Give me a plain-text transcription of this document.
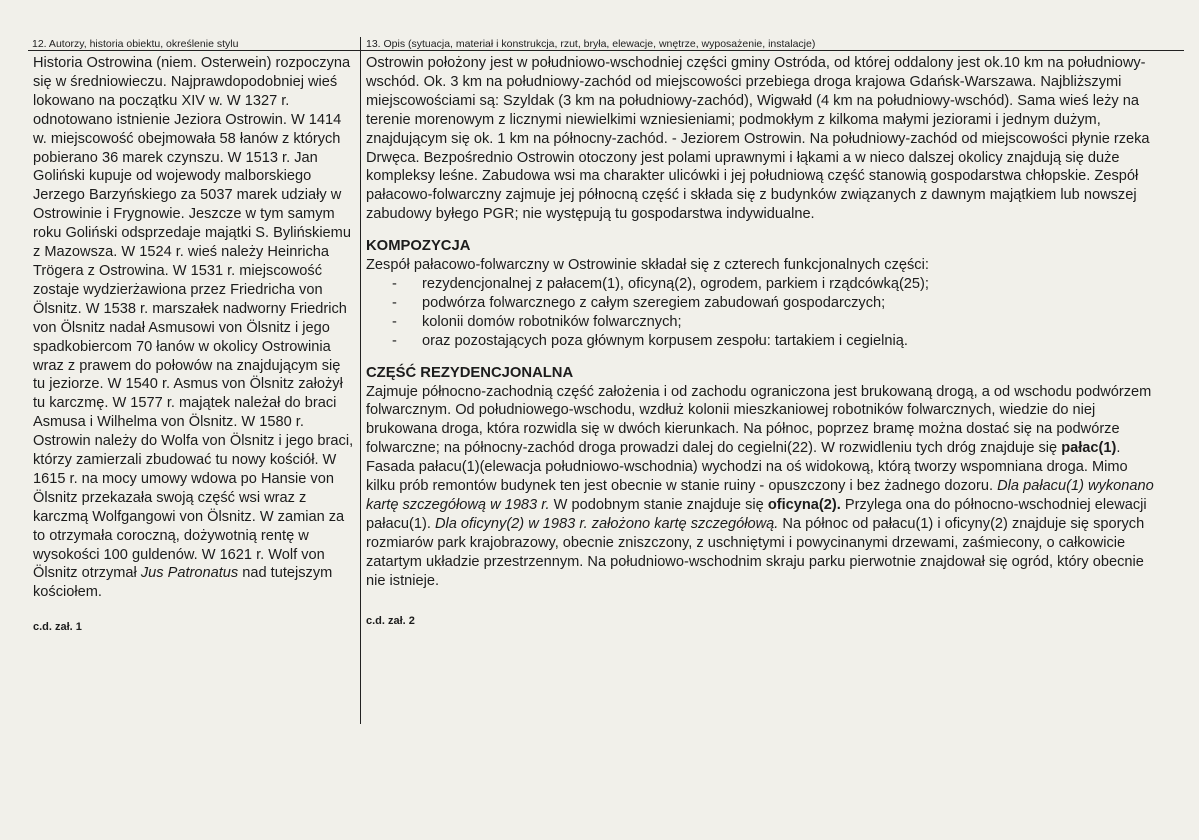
12. Autorzy, historia obiektu, określenie stylu	13. Opis (sytuacja, materiał i konstrukcja, rzut, bryła, elewacje, wnętrze, wyposażenie, instalacje)

Historia Ostrowina (niem. Osterwein) rozpoczyna się w średniowieczu. Najprawdopodobniej wieś lokowano na początku XIV w. W 1327 r. odnotowano istnienie Jeziora Ostrowin. W 1414 w. miejscowość obejmowała 58 łanów z których pobierano 36 marek czynszu. W 1513 r. Jan Goliński kupuje od wojewody malborskiego Jerzego Barzyńskiego za 5037 marek udziały w Ostrowinie i Frygnowie. Jeszcze w tym samym roku Goliński odsprzedaje majątki S. Bylińskiemu z Mazowsza. W 1524 r. wieś należy Heinricha Trögera z Ostrowina. W 1531 r. miejscowość zostaje wydzierżawiona przez Friedricha von Ölsnitz. W 1538 r. marszałek nadworny Friedrich von Ölsnitz nadał Asmusowi von Ölsnitz i jego spadkobiercom 70 łanów w okolicy Ostrowinia wraz z prawem do połowów na znajdującym się tu jeziorze. W 1540 r. Asmus von Ölsnitz założył tu karczmę. W 1577 r. majątek należał do braci Asmusa i Wilhelma von Ölsnitz. W 1580 r. Ostrowin należy do Wolfa von Ölsnitz i jego braci, którzy zamierzali zbudować tu nowy kościół. W 1615 r. na mocy umowy wdowa po Hansie von Ölsnitz przekazała swoją część wsi wraz z karczmą Wolfgangowi von Ölsnitz. W zamian za to otrzymała coroczną, dożywotnią rentę w wysokości 100 guldenów. W 1621 r. Wolf von Ölsnitz otrzymał Jus Patronatus nad tutejszym kościołem.

c.d. zał. 1

Ostrowin położony jest w południowo-wschodniej części gminy Ostróda, od której oddalony jest ok.10 km na południowy-wschód. Ok. 3 km na południowy-zachód od miejscowości przebiega droga krajowa Gdańsk-Warszawa. Najbliższymi miejscowościami są: Szyldak (3 km na południowy-zachód), Wigwałd (4 km na południowy-wschód). Sama wieś leży na terenie morenowym z licznymi niewielkimi wzniesieniami; podmokłym z kilkoma małymi jeziorami i jednym dużym, znajdującym się ok. 1 km na północny-zachód. - Jeziorem Ostrowin. Na południowy-zachód od miejscowości płynie rzeka Drwęca. Bezpośrednio Ostrowin otoczony jest polami uprawnymi i łąkami a w nieco dalszej okolicy znajdują się duże kompleksy leśne. Zabudowa wsi ma charakter ulicówki i jej południową część stanowią gospodarstwa chłopskie. Zespół pałacowo-folwarczny zajmuje jej północną część i składa się z budynków związanych z dawnym majątkiem lub nowszej zabudowy byłego PGR; nie występują tu gospodarstwa indywidualne.

KOMPOZYCJA

Zespół pałacowo-folwarczny w Ostrowinie składał się z czterech funkcjonalnych części:

- rezydencjonalnej z pałacem(1), oficyną(2), ogrodem, parkiem i rządcówką(25);
- podwórza folwarcznego z całym szeregiem zabudowań gospodarczych;
- kolonii domów robotników folwarcznych;
- oraz pozostających poza głównym korpusem zespołu: tartakiem i cegielnią.

CZĘŚĆ REZYDENCJONALNA

Zajmuje północno-zachodnią część założenia i od zachodu ograniczona jest brukowaną drogą, a od wschodu podwórzem folwarcznym. Od południowego-wschodu, wzdłuż kolonii mieszkaniowej robotników folwarcznych, wiedzie do niej brukowana droga, która rozwidla się w dwóch kierunkach. Na północ, poprzez bramę można dostać się na podwórze folwarczne; na północny-zachód droga prowadzi dalej do cegielni(22). W rozwidleniu tych dróg znajduje się pałac(1). Fasada pałacu(1)(elewacja południowo-wschodnia) wychodzi na oś widokową, którą tworzy wspomniana droga. Mimo kilku prób remontów budynek ten jest obecnie w stanie ruiny - opuszczony i bez żadnego dozoru. Dla pałacu(1) wykonano kartę szczegółową w 1983 r. W podobnym stanie znajduje się oficyna(2). Przylega ona do północno-wschodniej elewacji pałacu(1). Dla oficyny(2) w 1983 r. założono kartę szczegółową. Na północ od pałacu(1) i oficyny(2) znajduje się sporych rozmiarów park krajobrazowy, obecnie zniszczony, z uschniętymi i powycinanymi drzewami, zaśmiecony, o całkowicie zatartym układzie przestrzennym. Na południowo-wschodnim skraju parku pierwotnie znajdował się ogród, który obecnie nie istnieje.

c.d. zał. 2
